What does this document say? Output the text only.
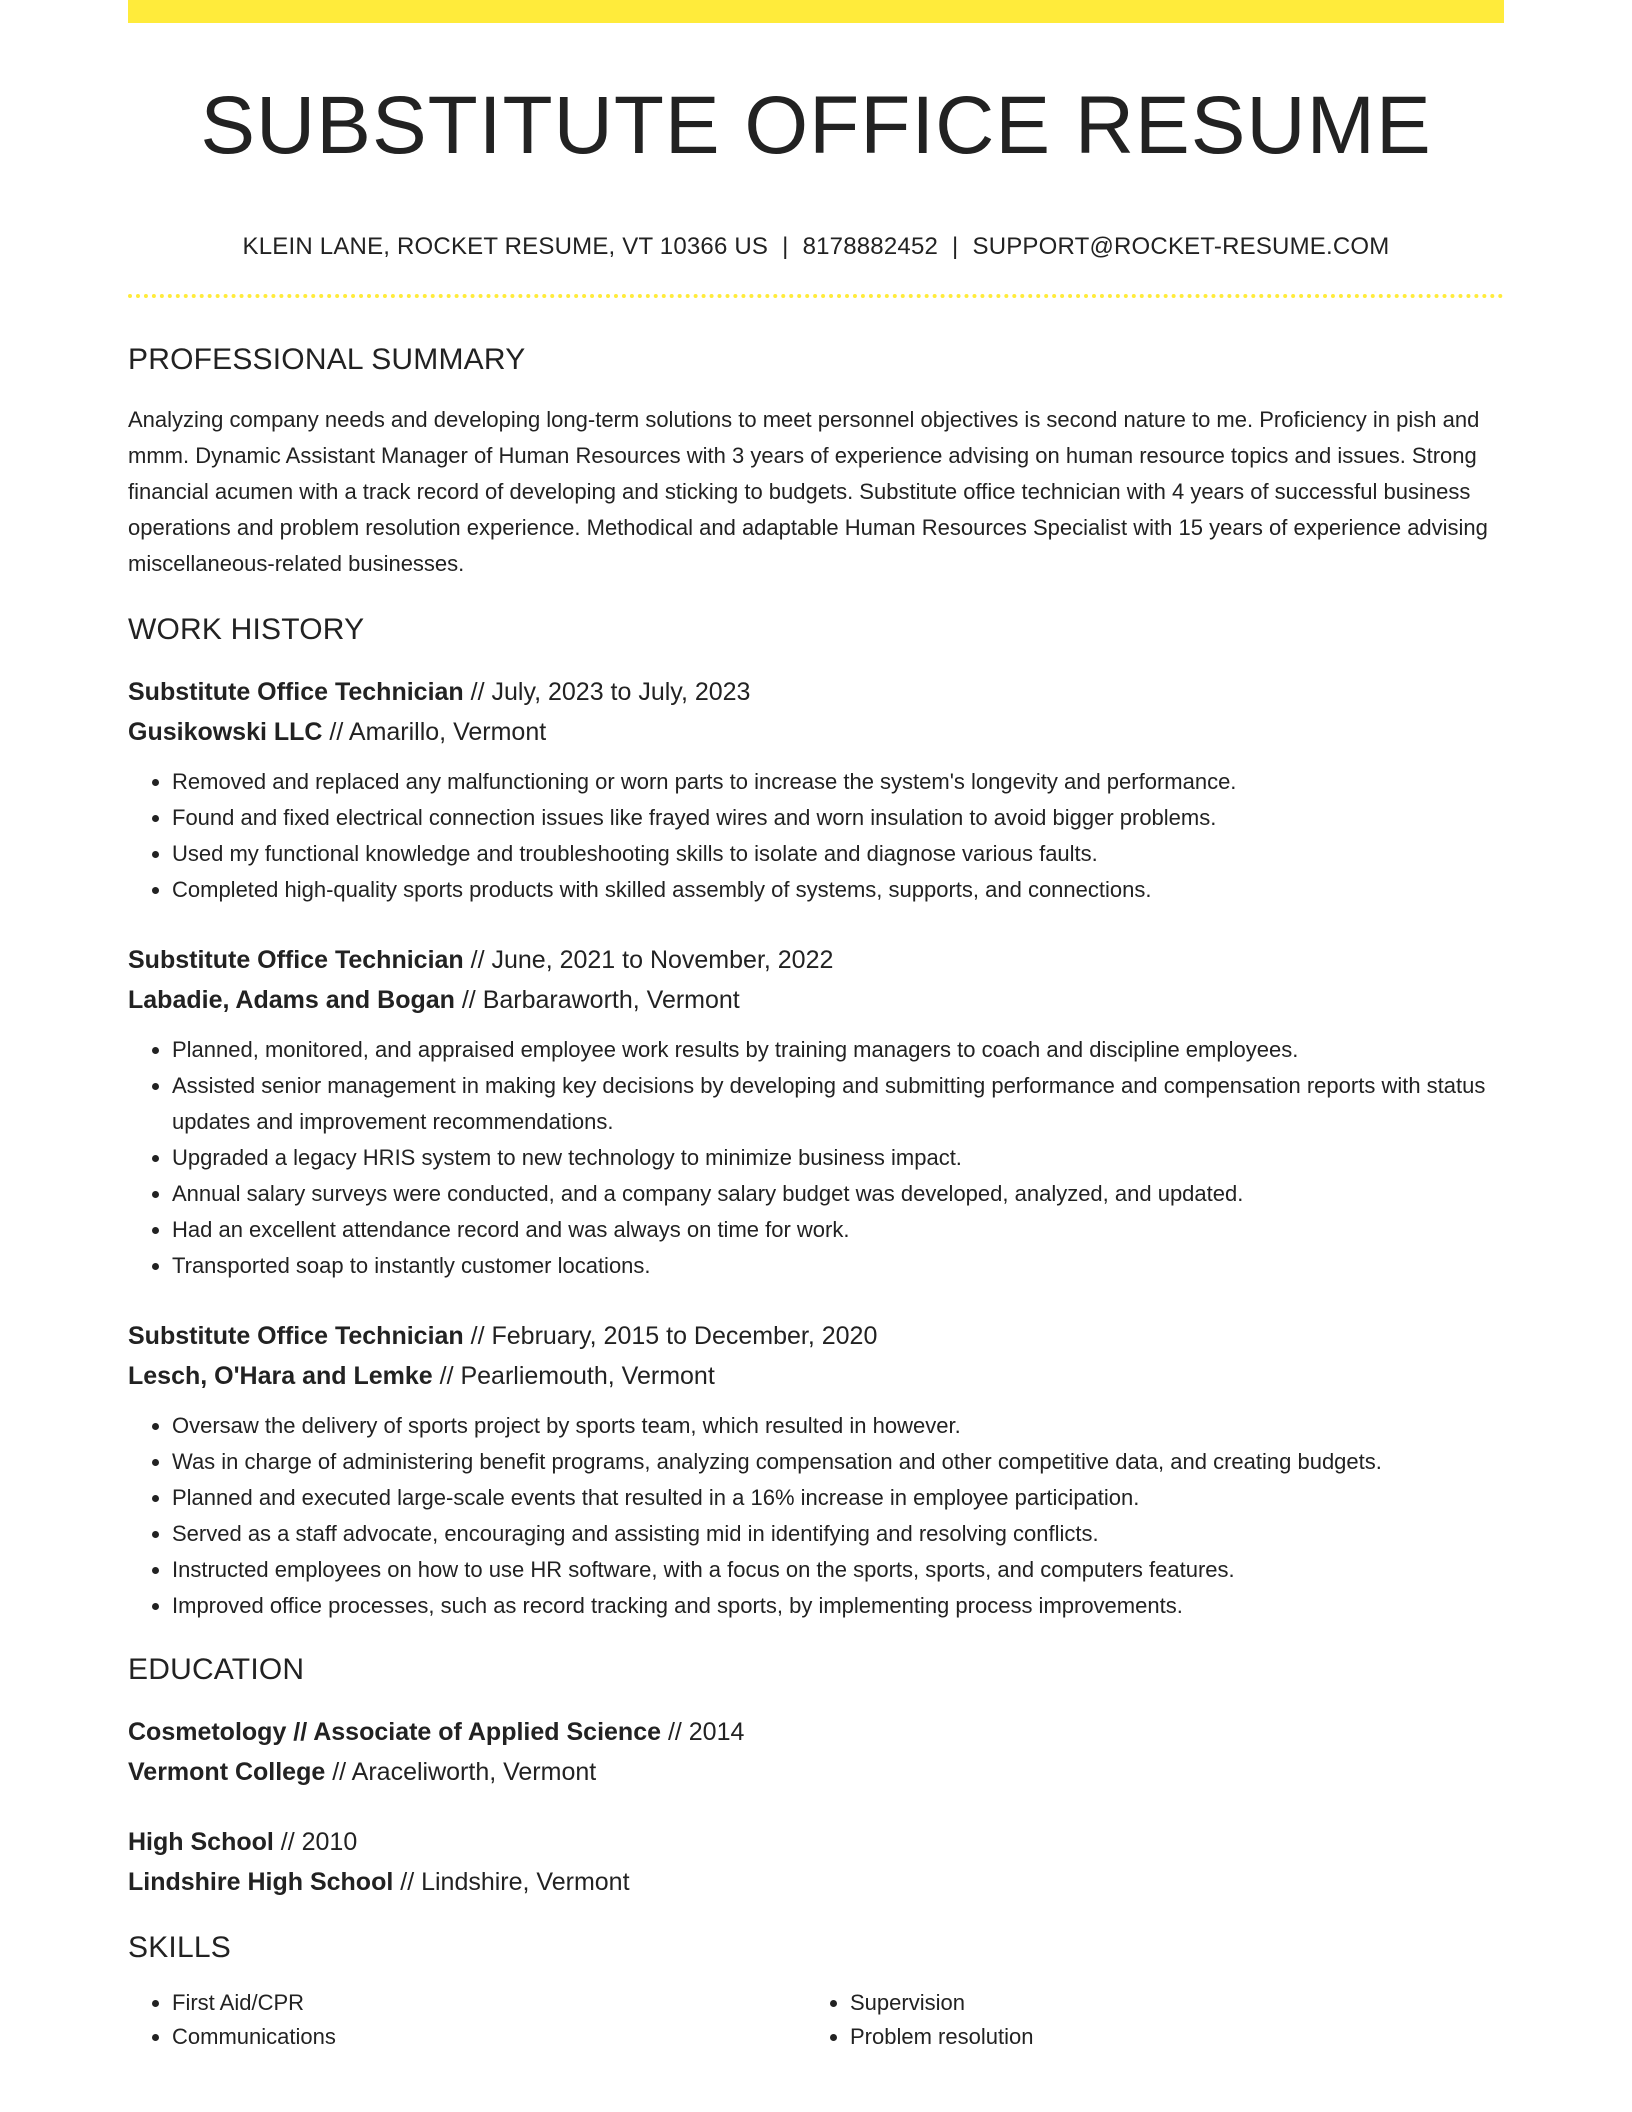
SUBSTITUTE OFFICE RESUME
KLEIN LANE, ROCKET RESUME, VT 10366 US | 8178882452 | SUPPORT@ROCKET-RESUME.COM
PROFESSIONAL SUMMARY

Analyzing company needs and developing long-term solutions to meet personnel objectives is second nature to me. Proficiency in pish and mmm. Dynamic Assistant Manager of Human Resources with 3 years of experience advising on human resource topics and issues. Strong financial acumen with a track record of developing and sticking to budgets. Substitute office technician with 4 years of successful business operations and problem resolution experience. Methodical and adaptable Human Resources Specialist with 15 years of experience advising miscellaneous-related businesses.

WORK HISTORY
Substitute Office Technician // July, 2023 to July, 2023
Gusikowski LLC // Amarillo, Vermont
• Removed and replaced any malfunctioning or worn parts to increase the system's longevity and performance.
• Found and fixed electrical connection issues like frayed wires and worn insulation to avoid bigger problems.
• Used my functional knowledge and troubleshooting skills to isolate and diagnose various faults.
• Completed high-quality sports products with skilled assembly of systems, supports, and connections.
Substitute Office Technician // June, 2021 to November, 2022
Labadie, Adams and Bogan // Barbaraworth, Vermont
• Planned, monitored, and appraised employee work results by training managers to coach and discipline employees.
• Assisted senior management in making key decisions by developing and submitting performance and compensation reports with status updates and improvement recommendations.
• Upgraded a legacy HRIS system to new technology to minimize business impact.
• Annual salary surveys were conducted, and a company salary budget was developed, analyzed, and updated.
• Had an excellent attendance record and was always on time for work.
• Transported soap to instantly customer locations.
Substitute Office Technician // February, 2015 to December, 2020
Lesch, O'Hara and Lemke // Pearliemouth, Vermont
• Oversaw the delivery of sports project by sports team, which resulted in however.
• Was in charge of administering benefit programs, analyzing compensation and other competitive data, and creating budgets.
• Planned and executed large-scale events that resulted in a 16% increase in employee participation.
• Served as a staff advocate, encouraging and assisting mid in identifying and resolving conflicts.
• Instructed employees on how to use HR software, with a focus on the sports, sports, and computers features.
• Improved office processes, such as record tracking and sports, by implementing process improvements.
EDUCATION
Cosmetology // Associate of Applied Science // 2014
Vermont College // Araceliworth, Vermont
High School // 2010
Lindshire High School // Lindshire, Vermont
SKILLS
• First Aid/CPR
• Communications
• Supervision
• Problem resolution
